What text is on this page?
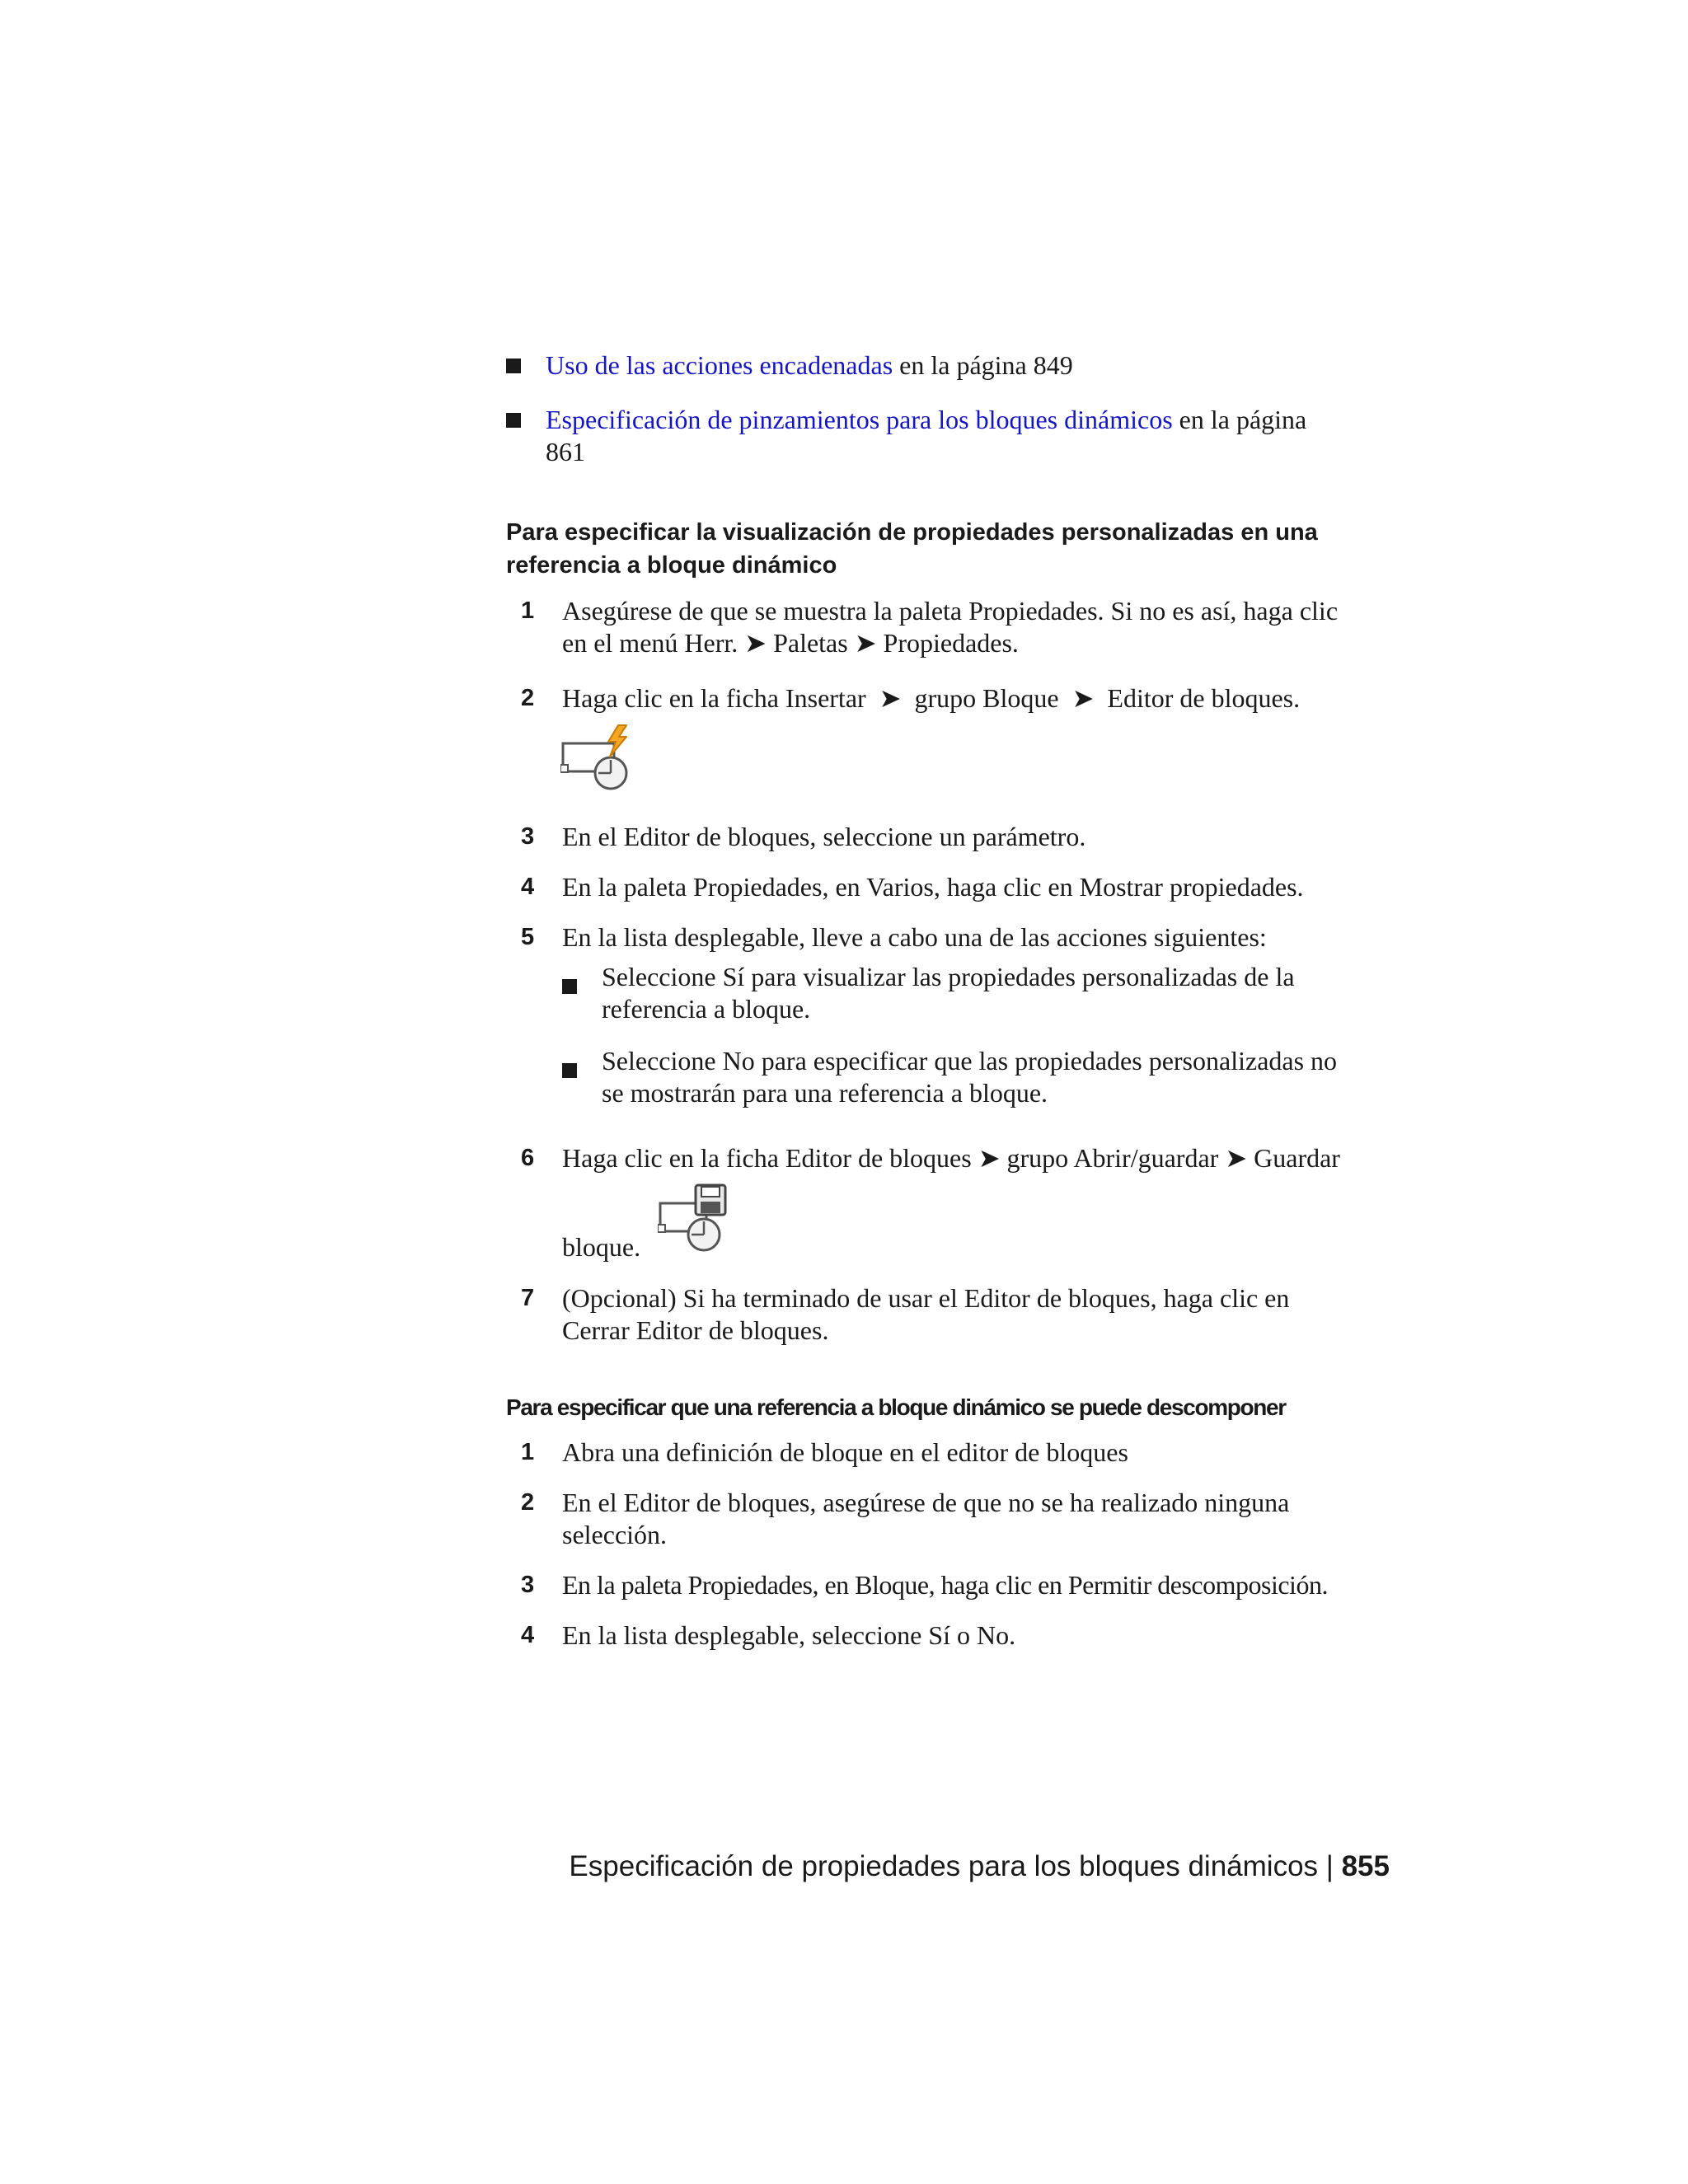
Uso de las acciones encadenadas en la página 849
Especificación de pinzamientos para los bloques dinámicos en la página
861
Para especificar la visualización de propiedades personalizadas en una
referencia a bloque dinámico
1 Asegúrese de que se muestra la paleta Propiedades. Si no es así, haga clic
en el menú Herr. ➤ Paletas ➤ Propiedades.
2 Haga clic en la ficha Insertar  ➤  grupo Bloque  ➤  Editor de bloques.
3 En el Editor de bloques, seleccione un parámetro.
4 En la paleta Propiedades, en Varios, haga clic en Mostrar propiedades.
5 En la lista desplegable, lleve a cabo una de las acciones siguientes:
Seleccione Sí para visualizar las propiedades personalizadas de la
referencia a bloque.
Seleccione No para especificar que las propiedades personalizadas no
se mostrarán para una referencia a bloque.
6 Haga clic en la ficha Editor de bloques ➤ grupo Abrir/guardar ➤ Guardar
bloque.
7 (Opcional) Si ha terminado de usar el Editor de bloques, haga clic en
Cerrar Editor de bloques.
Para especificar que una referencia a bloque dinámico se puede descomponer
1 Abra una definición de bloque en el editor de bloques
2 En el Editor de bloques, asegúrese de que no se ha realizado ninguna
selección.
3 En la paleta Propiedades, en Bloque, haga clic en Permitir descomposición.
4 En la lista desplegable, seleccione Sí o No.
Especificación de propiedades para los bloques dinámicos | 855
